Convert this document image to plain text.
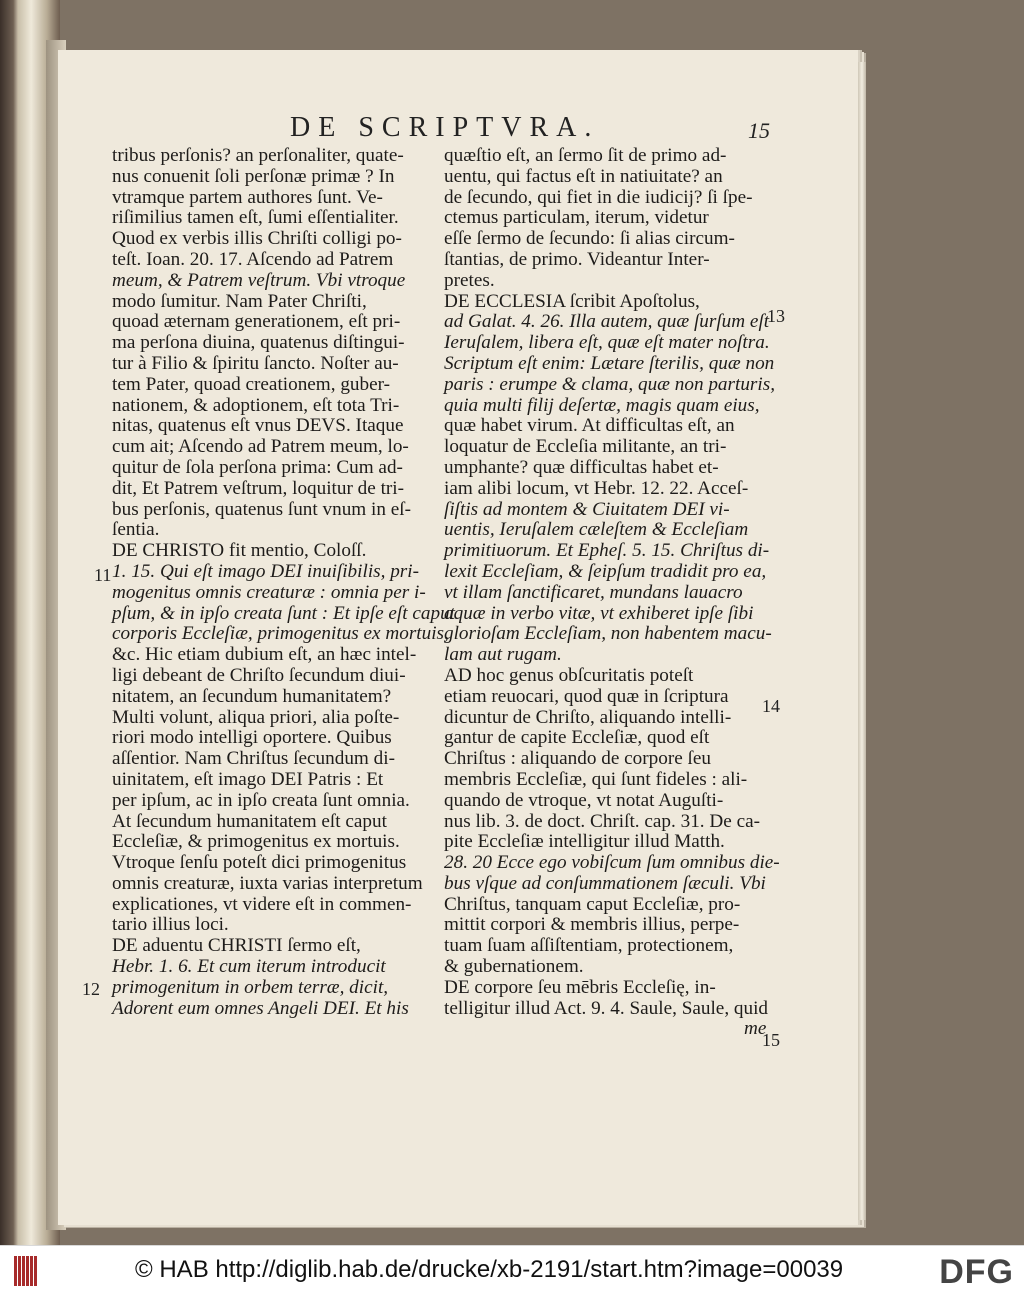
DE SCRIPTVRA.	15
tribus perſonis? an perſonaliter, quate-
nus conuenit ſoli perſonæ primæ ? In
vtramque partem authores ſunt. Ve-
riſimilius tamen eſt, ſumi eſſentialiter.
Quod ex verbis illis Chriſti colligi po-
teſt. Ioan. 20. 17. Aſcendo ad Patrem
meum, & Patrem veſtrum. Vbi vtroque
modo ſumitur. Nam Pater Chriſti,
quoad æternam generationem, eſt pri-
ma perſona diuina, quatenus diſtingui-
tur à Filio & ſpiritu ſancto. Noſter au-
tem Pater, quoad creationem, guber-
nationem, & adoptionem, eſt tota Tri-
nitas, quatenus eſt vnus DEVS. Itaque
cum ait; Aſcendo ad Patrem meum, lo-
quitur de ſola perſona prima: Cum ad-
dit, Et Patrem veſtrum, loquitur de tri-
bus perſonis, quatenus ſunt vnum in eſ-
ſentia.
DE CHRISTO fit mentio, Coloſſ.
1. 15. Qui eſt imago DEI inuiſibilis, pri-
mogenitus omnis creaturæ : omnia per i-
pſum, & in ipſo creata ſunt : Et ipſe eſt caput
corporis Eccleſiæ, primogenitus ex mortuis,
&c. Hic etiam dubium eſt, an hæc intel-
ligi debeant de Chriſto ſecundum diui-
nitatem, an ſecundum humanitatem?
Multi volunt, aliqua priori, alia poſte-
riori modo intelligi oportere. Quibus
aſſentior. Nam Chriſtus ſecundum di-
uinitatem, eſt imago DEI Patris : Et
per ipſum, ac in ipſo creata ſunt omnia.
At ſecundum humanitatem eſt caput
Eccleſiæ, & primogenitus ex mortuis.
Vtroque ſenſu poteſt dici primogenitus
omnis creaturæ, iuxta varias interpretum
explicationes, vt videre eſt in commen-
tario illius loci.
DE aduentu CHRISTI ſermo eſt,
Hebr. 1. 6. Et cum iterum introducit
primogenitum in orbem terræ, dicit,
Adorent eum omnes Angeli DEI. Et his
quæſtio eſt, an ſermo ſit de primo ad-
uentu, qui factus eſt in natiuitate? an
de ſecundo, qui fiet in die iudicij? ſi ſpe-
ctemus particulam, iterum, videtur
eſſe ſermo de ſecundo: ſi alias circum-
ſtantias, de primo. Videantur Inter-
pretes.
DE ECCLESIA ſcribit Apoſtolus,
ad Galat. 4. 26. Illa autem, quæ ſurſum eſt
Ieruſalem, libera eſt, quæ eſt mater noſtra.
Scriptum eſt enim: Lætare ſterilis, quæ non
paris : erumpe & clama, quæ non parturis,
quia multi filij deſertæ, magis quam eius,
quæ habet virum. At difficultas eſt, an
loquatur de Eccleſia militante, an tri-
umphante? quæ difficultas habet et-
iam alibi locum, vt Hebr. 12. 22. Acceſ-
ſiſtis ad montem & Ciuitatem DEI vi-
uentis, Ieruſalem cæleſtem & Eccleſiam
primitiuorum. Et Epheſ. 5. 15. Chriſtus di-
lexit Eccleſiam, & ſeipſum tradidit pro ea,
vt illam ſanctificaret, mundans lauacro
aquæ in verbo vitæ, vt exhiberet ipſe ſibi
glorioſam Eccleſiam, non habentem macu-
lam aut rugam.
AD hoc genus obſcuritatis poteſt
etiam reuocari, quod quæ in ſcriptura
dicuntur de Chriſto, aliquando intelli-
gantur de capite Eccleſiæ, quod eſt
Chriſtus : aliquando de corpore ſeu
membris Eccleſiæ, qui ſunt fideles : ali-
quando de vtroque, vt notat Auguſti-
nus lib. 3. de doct. Chriſt. cap. 31. De ca-
pite Eccleſiæ intelligitur illud Matth.
28. 20 Ecce ego vobiſcum ſum omnibus die-
bus vſque ad conſummationem ſæculi. Vbi
Chriſtus, tanquam caput Eccleſiæ, pro-
mittit corpori & membris illius, perpe-
tuam ſuam aſſiſtentiam, protectionem,
& gubernationem.
DE corpore ſeu mēbris Eccleſię, in-
telligitur illud Act. 9. 4. Saule, Saule, quid
me
11
12
13
14
15
© HAB http://diglib.hab.de/drucke/xb-2191/start.htm?image=00039	DFG
